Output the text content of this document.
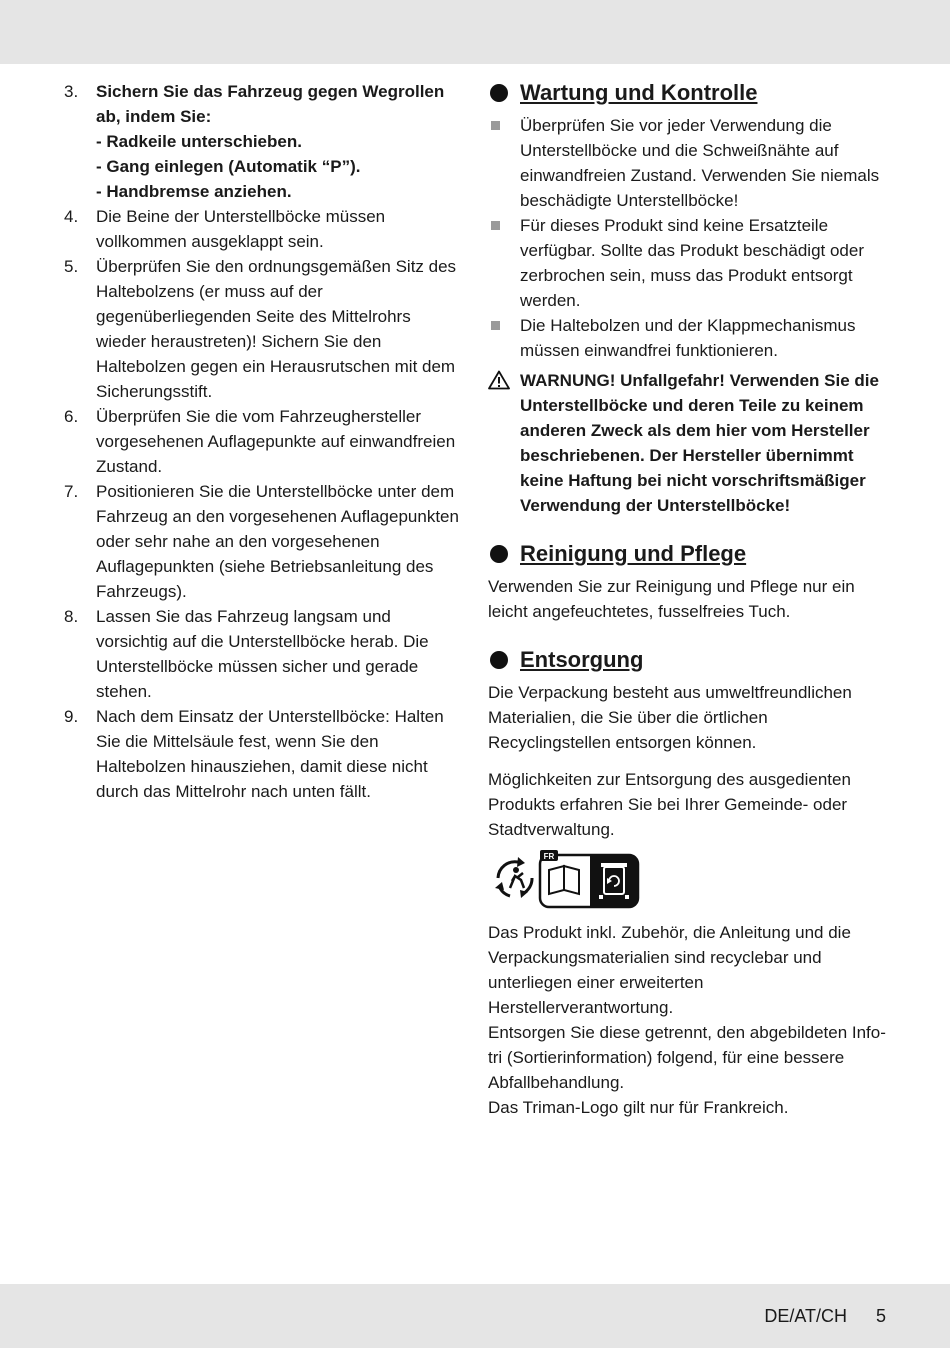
3. Sichern Sie das Fahrzeug gegen Wegrollen ab, indem Sie:
- Radkeile unterschieben.
- Gang einlegen (Automatik “P”).
- Handbremse anziehen.
4. Die Beine der Unterstellböcke müssen vollkommen ausgeklappt sein.
5. Überprüfen Sie den ordnungsgemäßen Sitz des Haltebolzens (er muss auf der gegenüberliegenden Seite des Mittelrohrs wieder heraustreten)! Sichern Sie den Haltebolzen gegen ein Herausrutschen mit dem Sicherungsstift.
6. Überprüfen Sie die vom Fahrzeughersteller vorgesehenen Auflagepunkte auf einwandfreien Zustand.
7. Positionieren Sie die Unterstellböcke unter dem Fahrzeug an den vorgesehenen Auflagepunkten oder sehr nahe an den vorgesehenen Auflagepunkten (siehe Betriebsanleitung des Fahrzeugs).
8. Lassen Sie das Fahrzeug langsam und vorsichtig auf die Unterstellböcke herab. Die Unterstellböcke müssen sicher und gerade stehen.
9. Nach dem Einsatz der Unterstellböcke: Halten Sie die Mittelsäule fest, wenn Sie den Haltebolzen hinausziehen, damit diese nicht durch das Mittelrohr nach unten fällt.
Wartung und Kontrolle
Überprüfen Sie vor jeder Verwendung die Unterstellböcke und die Schweißnähte auf einwandfreien Zustand. Verwenden Sie niemals beschädigte Unterstellböcke!
Für dieses Produkt sind keine Ersatzteile verfügbar. Sollte das Produkt beschädigt oder zerbrochen sein, muss das Produkt entsorgt werden.
Die Haltebolzen und der Klappmechanismus müssen einwandfrei funktionieren.
WARNUNG! Unfallgefahr! Verwenden Sie die Unterstellböcke und deren Teile zu keinem anderen Zweck als dem hier vom Hersteller beschriebenen. Der Hersteller übernimmt keine Haftung bei nicht vorschriftsmäßiger Verwendung der Unterstellböcke!
Reinigung und Pflege

Verwenden Sie zur Reinigung und Pflege nur ein leicht angefeuchtetes, fusselfreies Tuch.

Entsorgung

Die Verpackung besteht aus umweltfreundlichen Materialien, die Sie über die örtlichen Recyclingstellen entsorgen können.

Möglichkeiten zur Entsorgung des ausgedienten Produkts erfahren Sie bei Ihrer Gemeinde- oder Stadtverwaltung.

FR

Das Produkt inkl. Zubehör, die Anleitung und die Verpackungsmaterialien sind recyclebar und unterliegen einer erweiterten Herstellerverantwortung.

Entsorgen Sie diese getrennt, den abgebildeten Info-tri (Sortierinformation) folgend, für eine bessere Abfallbehandlung.

Das Triman-Logo gilt nur für Frankreich.

DE/AT/CH 5
